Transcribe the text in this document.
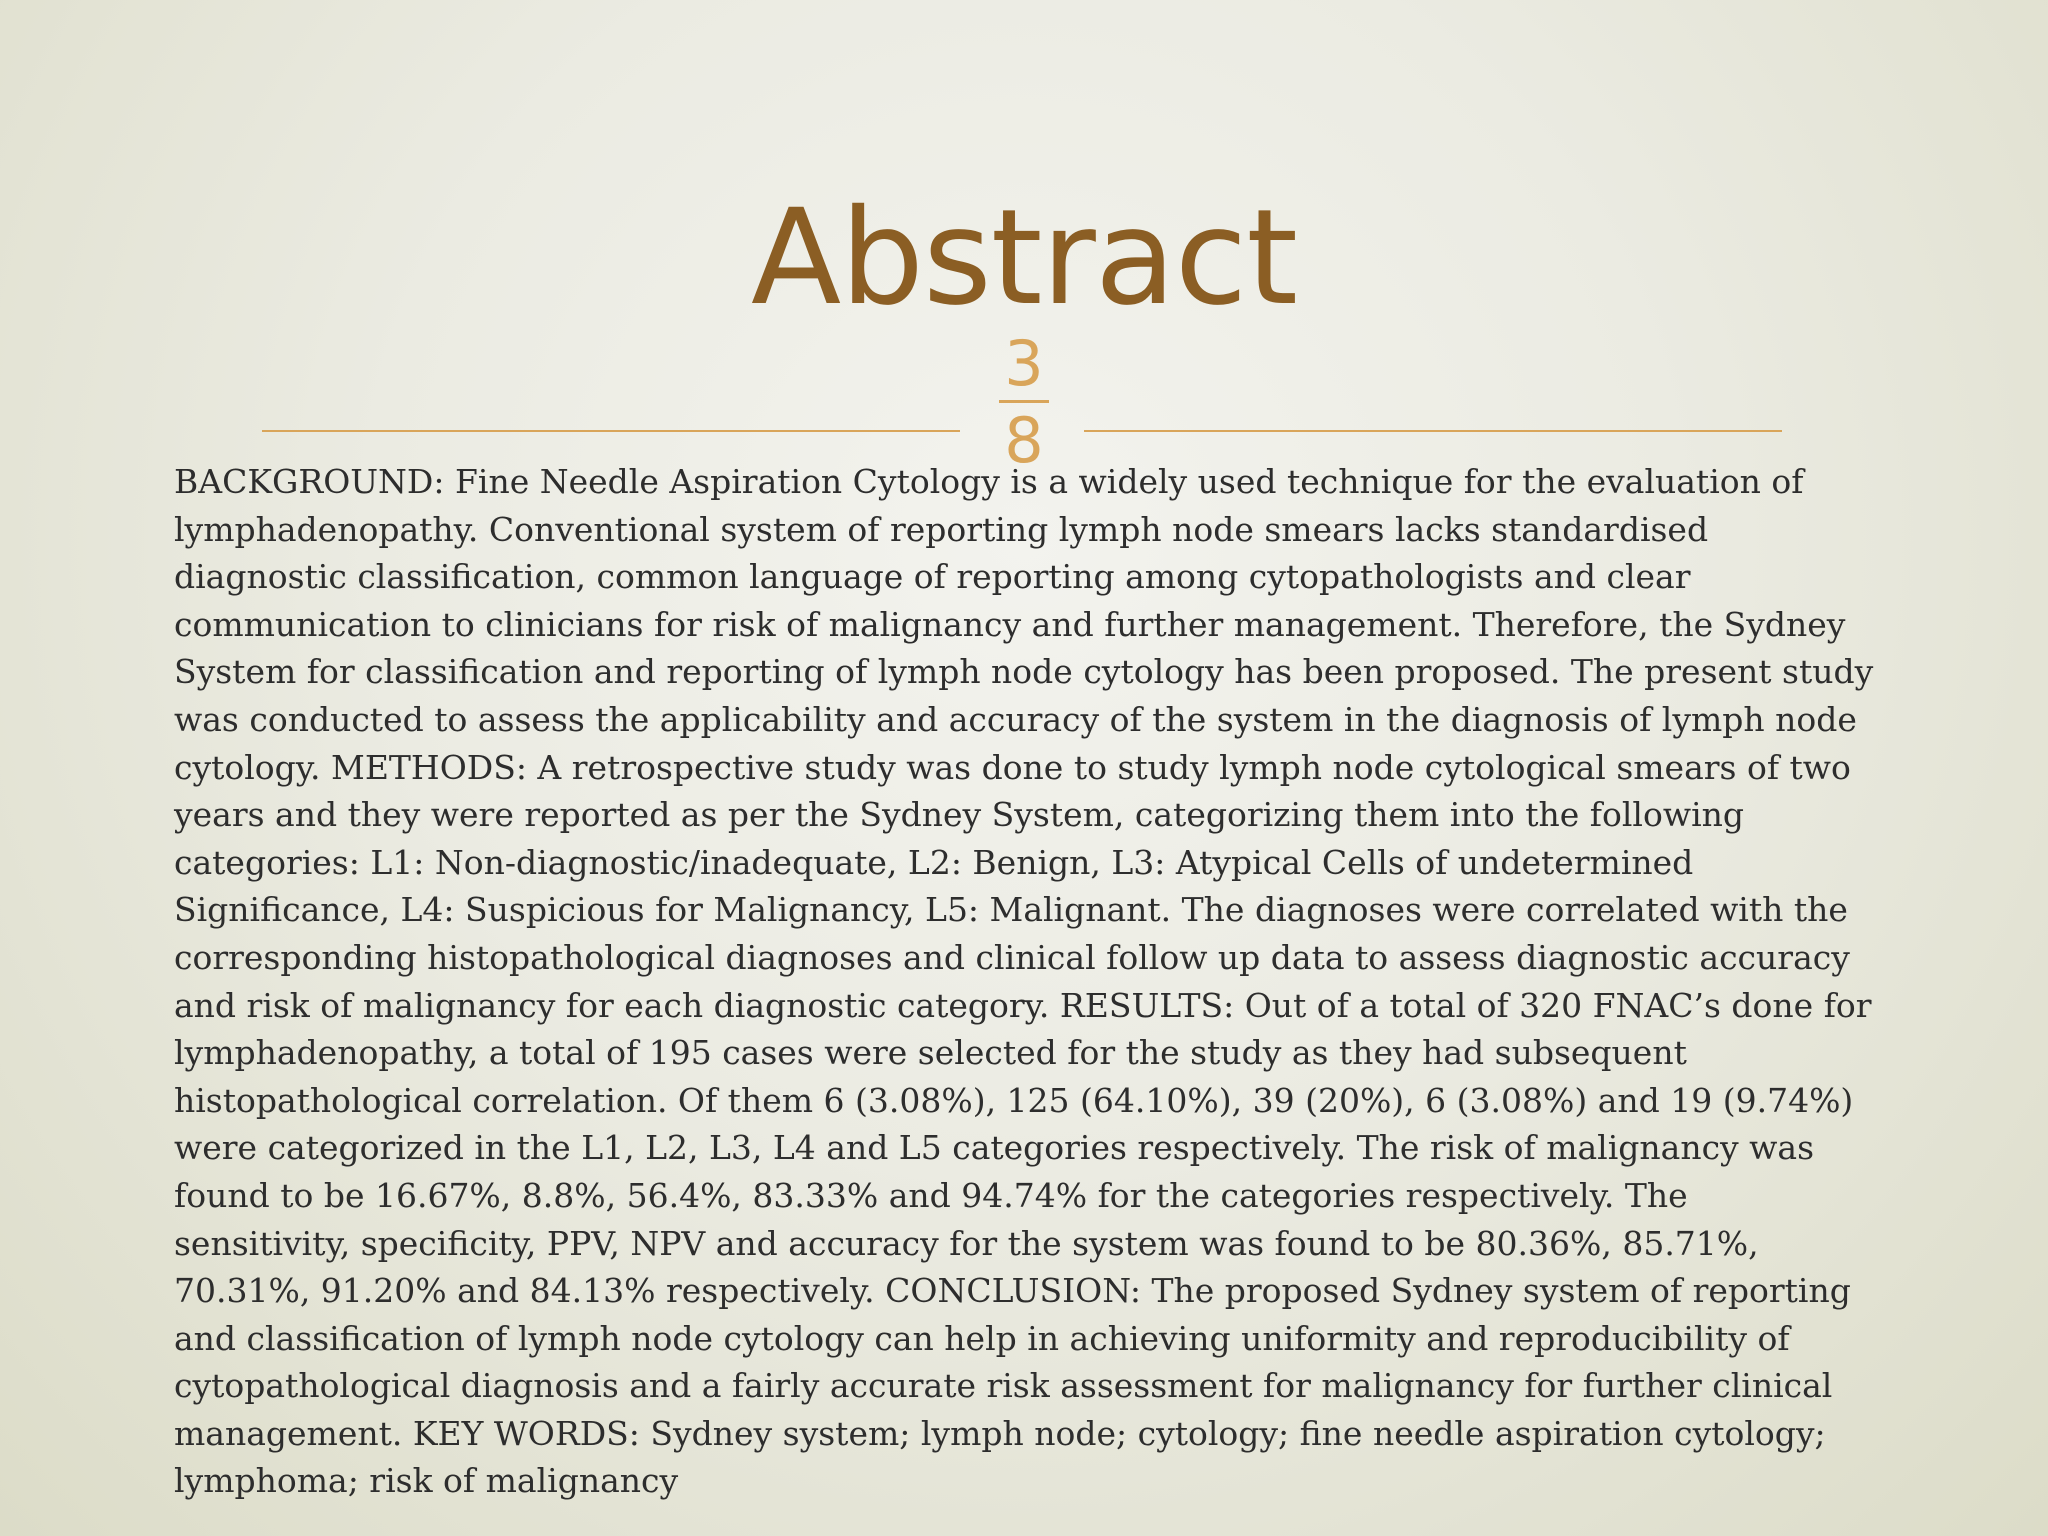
Abstract
3
8

BACKGROUND: Fine Needle Aspiration Cytology is a widely used technique for the evaluation of lymphadenopathy. Conventional system of reporting lymph node smears lacks standardised diagnostic classification, common language of reporting among cytopathologists and clear communication to clinicians for risk of malignancy and further management. Therefore, the Sydney System for classification and reporting of lymph node cytology has been proposed. The present study was conducted to assess the applicability and accuracy of the system in the diagnosis of lymph node cytology. METHODS: A retrospective study was done to study lymph node cytological smears of two years and they were reported as per the Sydney System, categorizing them into the following categories: L1: Non-diagnostic/inadequate, L2: Benign, L3: Atypical Cells of undetermined Significance, L4: Suspicious for Malignancy, L5: Malignant. The diagnoses were correlated with the corresponding histopathological diagnoses and clinical follow up data to assess diagnostic accuracy and risk of malignancy for each diagnostic category. RESULTS: Out of a total of 320 FNAC’s done for lymphadenopathy, a total of 195 cases were selected for the study as they had subsequent histopathological correlation. Of them 6 (3.08%), 125 (64.10%), 39 (20%), 6 (3.08%) and 19 (9.74%) were categorized in the L1, L2, L3, L4 and L5 categories respectively. The risk of malignancy was found to be 16.67%, 8.8%, 56.4%, 83.33% and 94.74% for the categories respectively. The sensitivity, specificity, PPV, NPV and accuracy for the system was found to be 80.36%, 85.71%, 70.31%, 91.20% and 84.13% respectively. CONCLUSION: The proposed Sydney system of reporting and classification of lymph node cytology can help in achieving uniformity and reproducibility of cytopathological diagnosis and a fairly accurate risk assessment for malignancy for further clinical management. KEY WORDS: Sydney system; lymph node; cytology; fine needle aspiration cytology; lymphoma; risk of malignancy
